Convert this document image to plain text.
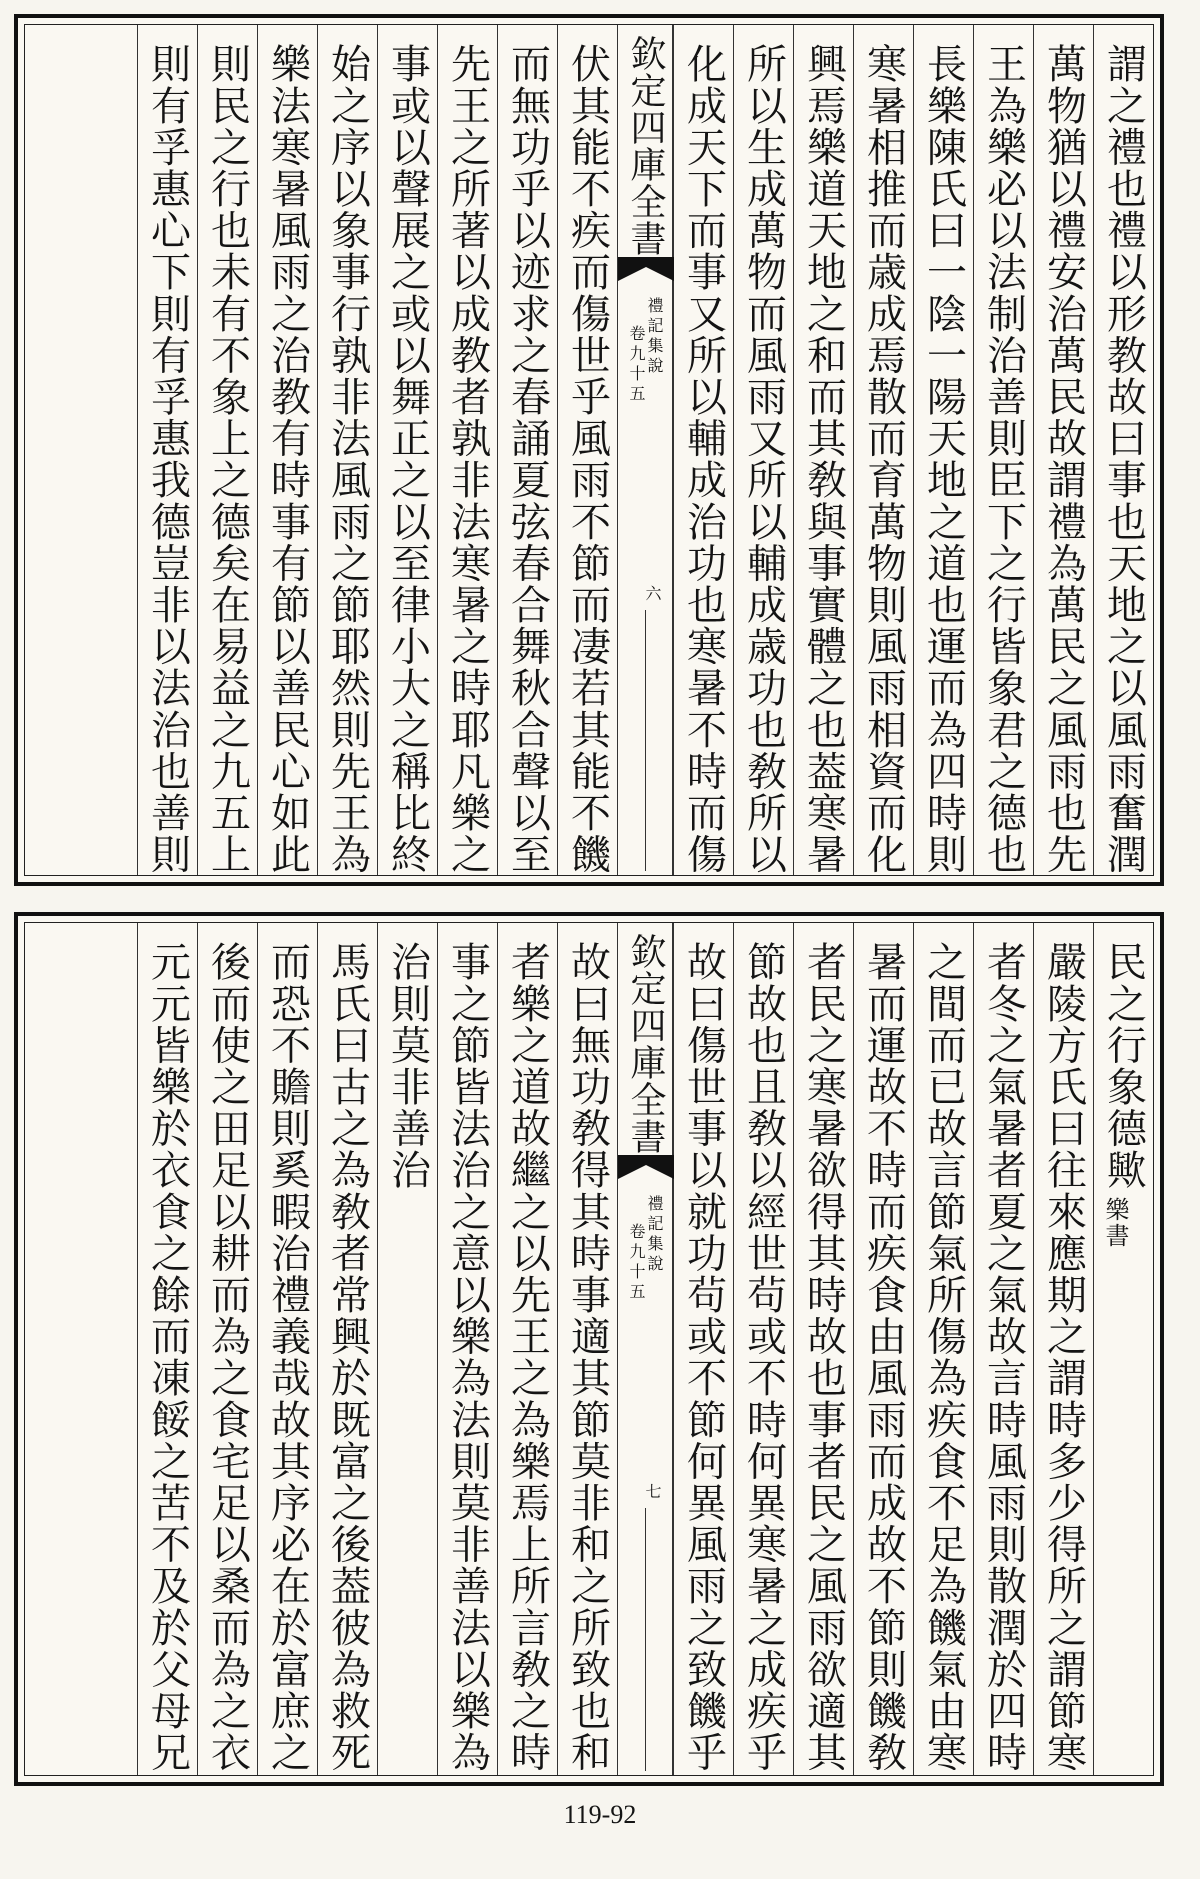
謂之禮也禮以形教故曰事也天地之以風雨奮潤
萬物猶以禮安治萬民故謂禮為萬民之風雨也先
王為樂必以法制治善則臣下之行皆象君之德也
長樂陳氏曰一陰一陽天地之道也運而為四時則
寒暑相推而歳成焉散而育萬物則風雨相資而化
興焉樂道天地之和而其敎與事實體之也葢寒暑
所以生成萬物而風雨又所以輔成歳功也敎所以
化成天下而事又所以輔成治功也寒暑不時而傷
欽定四庫全書
禮記集說
卷九十五
六
伏其能不疾而傷世乎風雨不節而凄若其能不饑
而無功乎以迹求之春誦夏弦春合舞秋合聲以至
先王之所著以成教者孰非法寒暑之時耶凡樂之
事或以聲展之或以舞正之以至律小大之稱比終
始之序以象事行孰非法風雨之節耶然則先王為
樂法寒暑風雨之治教有時事有節以善民心如此
則民之行也未有不象上之德矣在易益之九五上
則有孚惠心下則有孚惠我德豈非以法治也善則
民之行象德歟
樂書
嚴陵方氏曰往來應期之謂時多少得所之謂節寒
者冬之氣暑者夏之氣故言時風雨則散潤於四時
之間而已故言節氣所傷為疾食不足為饑氣由寒
暑而運故不時而疾食由風雨而成故不節則饑敎
者民之寒暑欲得其時故也事者民之風雨欲適其
節故也且敎以經世茍或不時何異寒暑之成疾乎
故曰傷世事以就功茍或不節何異風雨之致饑乎
欽定四庫全書
禮記集說
卷九十五
七
故曰無功敎得其時事適其節莫非和之所致也和
者樂之道故繼之以先王之為樂焉上所言敎之時
事之節皆法治之意以樂為法則莫非善法以樂為
治則莫非善治
馬氏曰古之為敎者常興於既富之後葢彼為救死
而恐不贍則奚暇治禮義哉故其序必在於富庶之
後而使之田足以耕而為之食宅足以桑而為之衣
元元皆樂於衣食之餘而凍餒之苦不及於父母兄
119-92
